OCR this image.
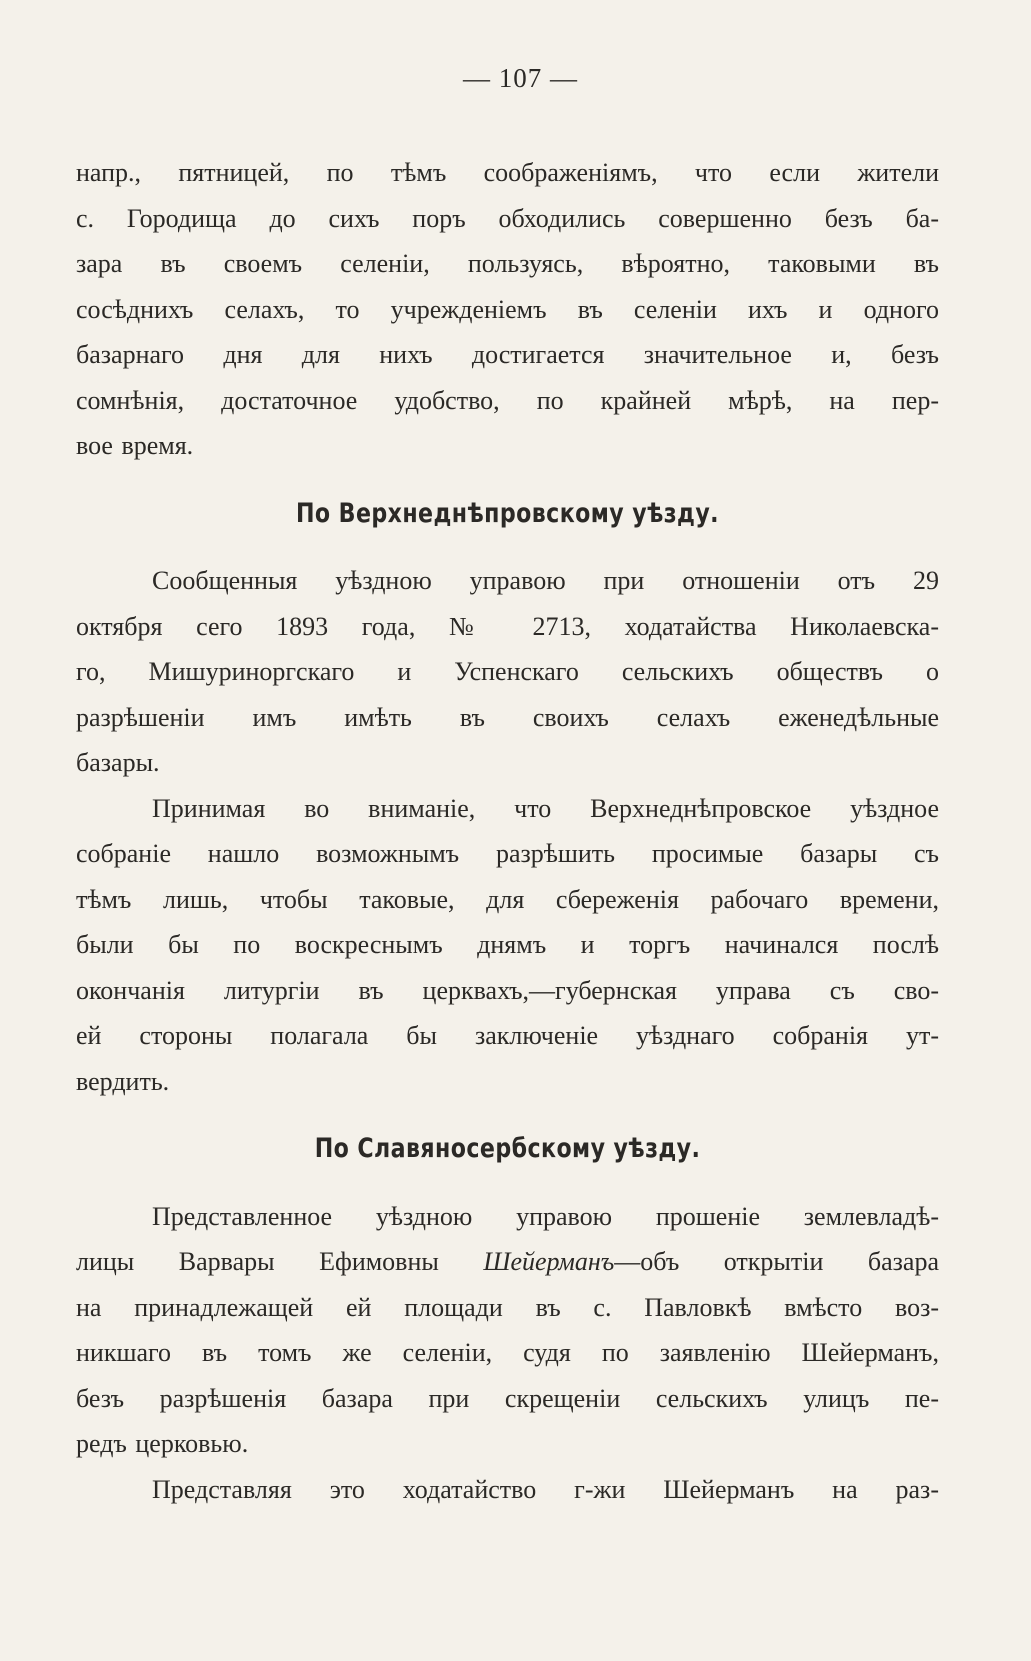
— 107 —
напр., пятницей, по тѣмъ соображеніямъ, что если жители
с. Городища до сихъ поръ обходились совершенно безъ ба-
зара въ своемъ селеніи, пользуясь, вѣроятно, таковыми въ
сосѣднихъ селахъ, то учрежденіемъ въ селеніи ихъ и одного
базарнаго дня для нихъ достигается значительное и, безъ
сомнѣнія, достаточное удобство, по крайней мѣрѣ, на пер-
вое время.
По Верхнеднѣпровскому уѣзду.
Сообщенныя уѣздною управою при отношеніи отъ 29
октября сего 1893 года, № 2713, ходатайства Николаевска-
го, Мишуриноргскаго и Успенскаго сельскихъ обществъ о
разрѣшеніи имъ имѣть въ своихъ селахъ еженедѣльные
базары.
Принимая во вниманіе, что Верхнеднѣпровское уѣздное
собраніе нашло возможнымъ разрѣшить просимые базары съ
тѣмъ лишь, чтобы таковые, для сбереженія рабочаго времени,
были бы по воскреснымъ днямъ и торгъ начинался послѣ
окончанія литургіи въ церквахъ,—губернская управа съ сво-
ей стороны полагала бы заключеніе уѣзднаго собранія ут-
вердить.
По Славяносербскому уѣзду.
Представленное уѣздною управою прошеніе землевладѣ-
лицы Варвары Ефимовны Шейерманъ—объ открытіи базара
на принадлежащей ей площади въ с. Павловкѣ вмѣсто воз-
никшаго въ томъ же селеніи, судя по заявленію Шейерманъ,
безъ разрѣшенія базара при скрещеніи сельскихъ улицъ пе-
редъ церковью.
Представляя это ходатайство г-жи Шейерманъ на раз-
